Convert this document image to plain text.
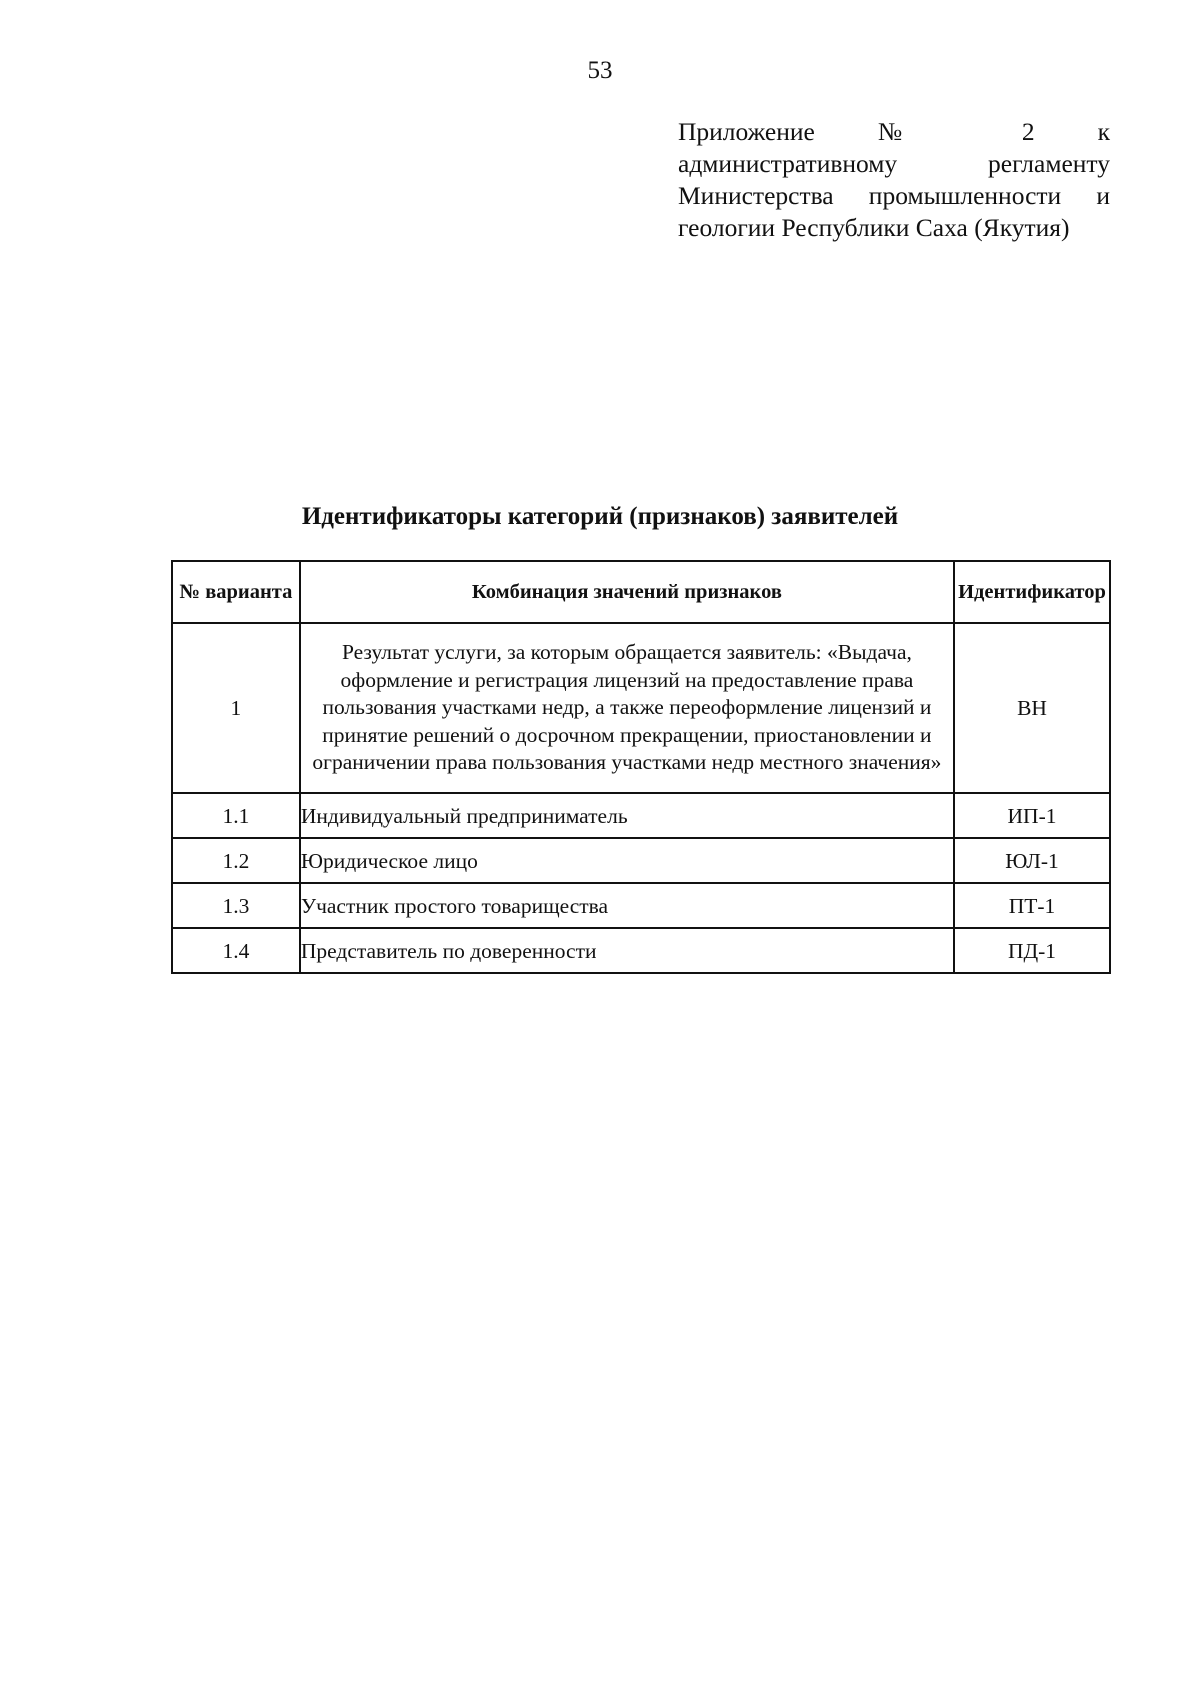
53
Приложение № 2 к
административному регламенту
Министерства промышленности и
геологии Республики Саха (Якутия)
Идентификаторы категорий (признаков) заявителей
№ варианта	Комбинация значений признаков	Идентификатор
1	Результат услуги, за которым обращается заявитель: «Выдача, оформление и регистрация лицензий на предоставление права пользования участками недр, а также переоформление лицензий и принятие решений о досрочном прекращении, приостановлении и ограничении права пользования участками недр местного значения»	ВН
1.1	Индивидуальный предприниматель	ИП-1
1.2	Юридическое лицо	ЮЛ-1
1.3	Участник простого товарищества	ПТ-1
1.4	Представитель по доверенности	ПД-1
